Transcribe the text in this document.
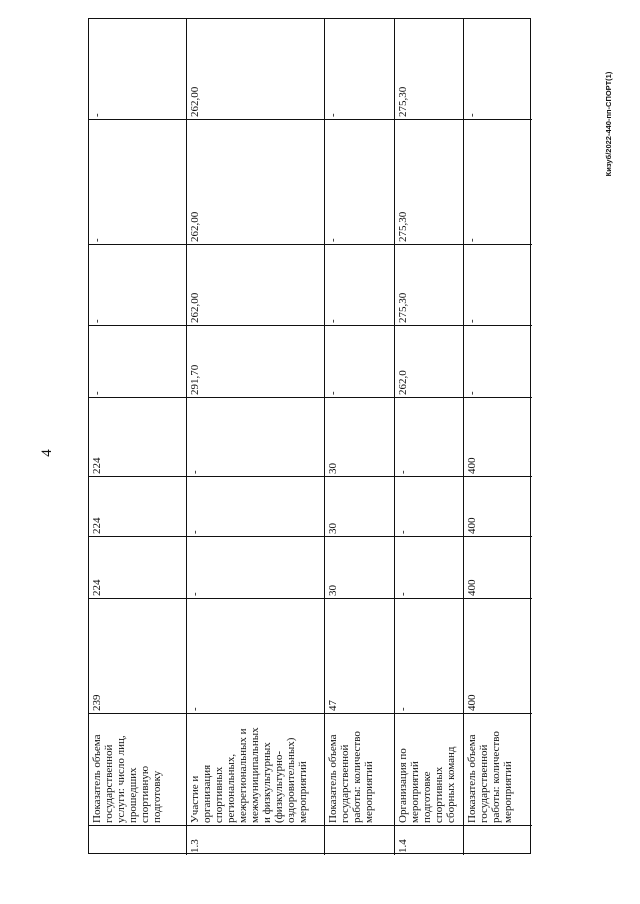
4
Кизуб/2022-440-пп-СПОРТ(1)
Показатель объема государственной услуги: число лиц, прошедших спортивную подготовку
239
224
224
224
-
-
-
-
1.3
Участие и организация спортивных региональных, межрегиональных и межмуниципальных и физкультурных (физкультурно- оздоровительных) мероприятий
-
-
-
-
291,70
262,00
262,00
262,00
Показатель объема государственной работы: количество мероприятий
47
30
30
30
-
-
-
-
1.4
Организация по мероприятий подготовке спортивных сборных команд
-
-
-
-
262,0
275,30
275,30
275,30
Показатель объема государственной работы: количество мероприятий
400
400
400
400
-
-
-
-
